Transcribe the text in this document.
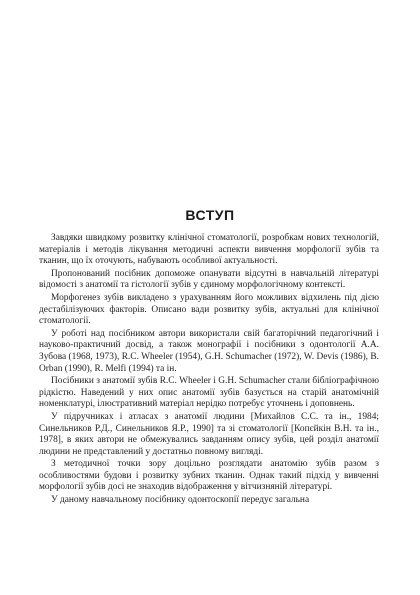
ВСТУП

Завдяки швидкому розвитку клінічної стоматології, розробкам нових технологій, матеріалів і методів лікування методичні аспекти вивчення морфології зубів та тканин, що їх оточують, набувають особливої актуальності.

Пропонований посібник допоможе опанувати відсутні в навчальній літературі відомості з анатомії та гістології зубів у єдиному морфологічному контексті.

Морфогенез зубів викладено з урахуванням його можливих відхилень під дією дестабілізуючих факторів. Описано вади розвитку зубів, актуальні для клінічної стоматології.

У роботі над посібником автори використали свій багаторічний педагогічний і науково-практичний досвід, а також монографії і посібники з одонтології А.А. Зубова (1968, 1973), R.C. Wheeler (1954), G.H. Schumacher (1972), W. Devis (1986), B. Orban (1990), R. Melfi (1994) та ін.

Посібники з анатомії зубів R.C. Wheeler і G.H. Schumacher стали бібліографічною рідкістю. Наведений у них опис анатомії зубів базується на старій анатомічній номенклатурі, ілюстративний матеріал нерідко потребує уточнень і доповнень.

У підручниках і атласах з анатомії людини [Михайлов С.С. та ін., 1984; Синельников Р.Д., Синельников Я.Р., 1990] та зі стоматології [Копєйкін В.Н. та ін., 1978], в яких автори не обмежувались завданням опису зубів, цей розділ анатомії людини не представлений у достатньо повному вигляді.

З методичної точки зору доцільно розглядати анатомію зубів разом з особливостями будови і розвитку зубних тканин. Однак такий підхід у вивченні морфології зубів досі не знаходив відображення у вітчизняній літературі.

У даному навчальному посібнику одонтоскопії передує загальна
